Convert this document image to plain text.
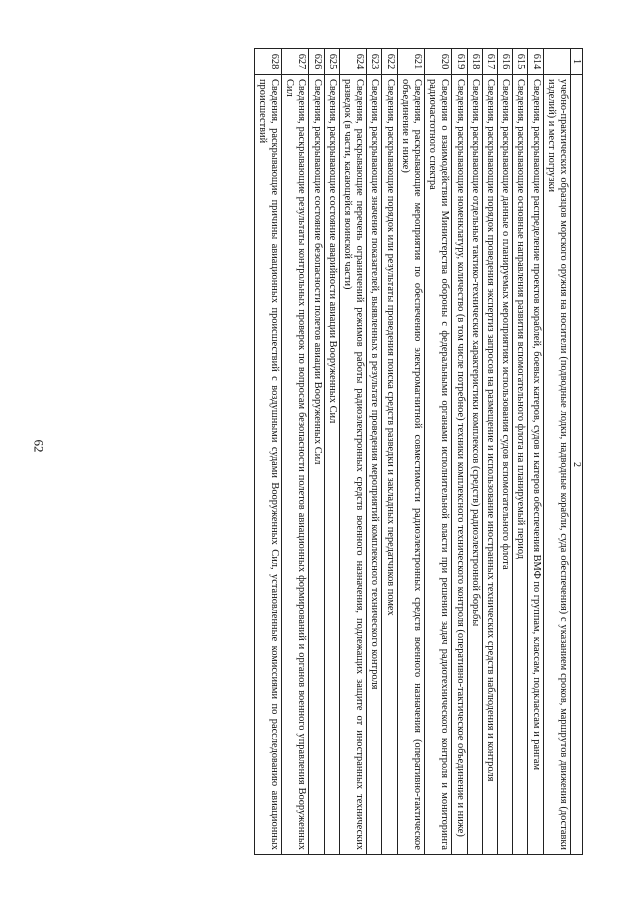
62
1	2
	учебно-практических образцов морского оружия на носители (подводные лодки, надводные корабли, суда обеспечения) с указанием сроков, маршрутов движения (доставки изделий) и мест погрузки
614	Сведения, раскрывающие распределение проектов кораблей, боевых катеров, судов и катеров обеспечения ВМФ по группам, классам, подклассам и рангам
615	Сведения, раскрывающие основные направления развития вспомогательного флота на планируемый период
616	Сведения, раскрывающие данные о планируемых мероприятиях использования судов вспомогательного флота
617	Сведения, раскрывающие порядок проведения экспертиз запросов на размещение и использование иностранных технических средств наблюдения и контроля
618	Сведения, раскрывающие отдельные тактико-технические характеристики комплексов (средств) радиоэлектронной борьбы
619	Сведения, раскрывающие номенклатуру, количество (в том числе потребное) техники комплексного технического контроля (оперативно-тактическое объединение и ниже)
620	Сведения о взаимодействии Министерства обороны с федеральными органами исполнительной власти при решении задач радиотехнического контроля и мониторинга радиочастотного спектра
621	Сведения, раскрывающие мероприятия по обеспечению электромагнитной совместимости радиоэлектронных средств военного назначения (оперативно-тактическое объединение и ниже)
622	Сведения, раскрывающие порядок или результаты проведения поиска средств разведки и закладных передатчиков помех
623	Сведения, раскрывающие значение показателей, выявленных в результате проведения мероприятий комплексного технического контроля
624	Сведения, раскрывающие перечень ограничений режимов работы радиоэлектронных средств военного назначения, подлежащих защите от иностранных технических разведок (в части, касающейся воинской части)
625	Сведения, раскрывающие состояние аварийности авиации Вооруженных Сил
626	Сведения, раскрывающие состояние безопасности полетов авиации Вооруженных Сил
627	Сведения, раскрывающие результаты контрольных проверок по вопросам безопасности полетов авиационных формирований и органов военного управления Вооруженных Сил
628	Сведения, раскрывающие причины авиационных происшествий с воздушными судами Вооруженных Сил, установленные комиссиями по расследованию авиационных происшествий
